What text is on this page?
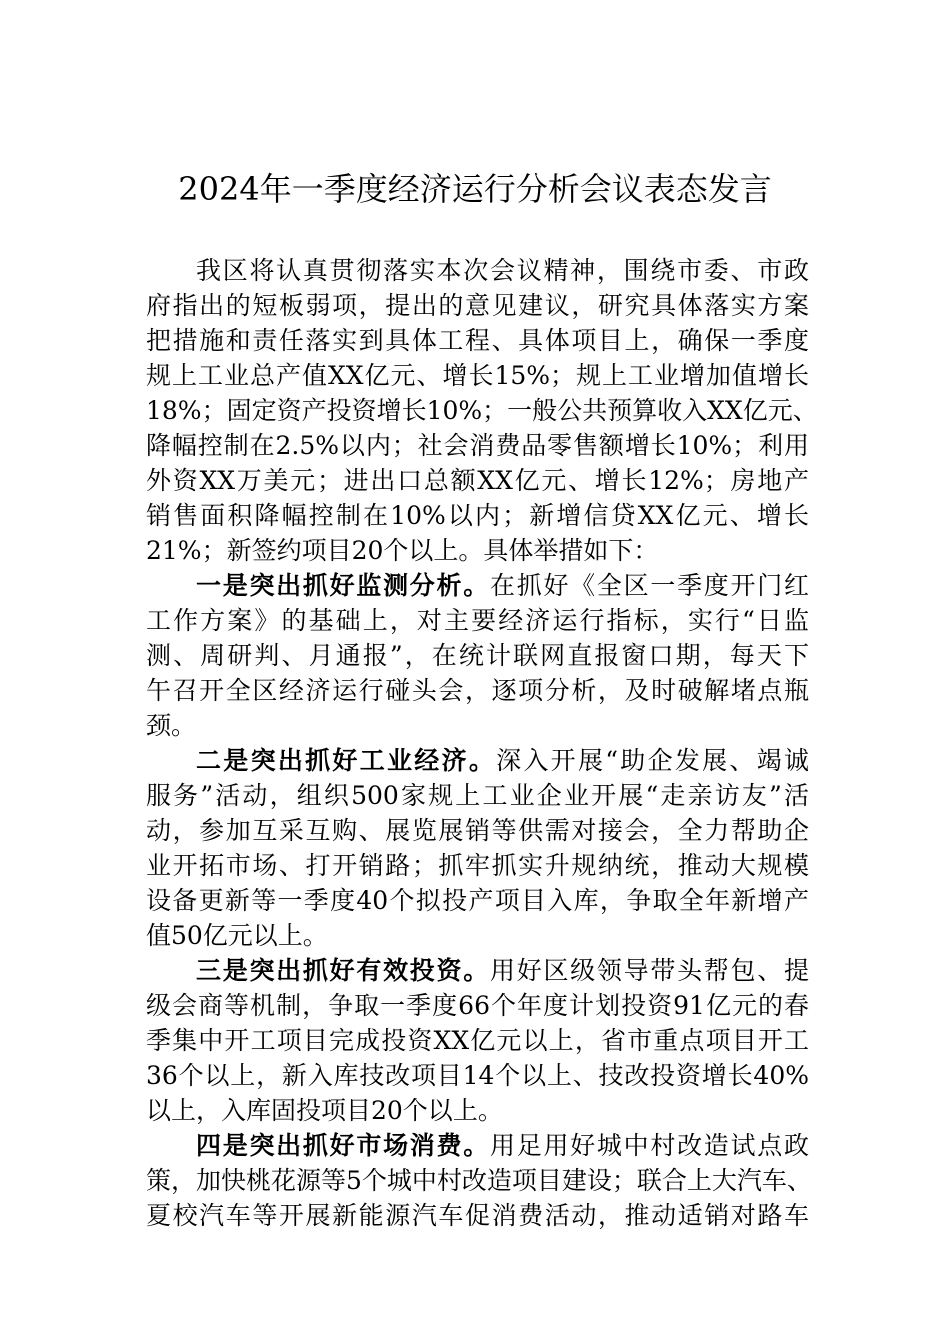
2024年一季度经济运行分析会议表态发言
我区将认真贯彻落实本次会议精神，围绕市委、市政
府指出的短板弱项，提出的意见建议，研究具体落实方案
把措施和责任落实到具体工程、具体项目上，确保一季度
规上工业总产值XX亿元、增长15%；规上工业增加值增长
18%；固定资产投资增长10%；一般公共预算收入XX亿元、
降幅控制在2.5%以内；社会消费品零售额增长10%；利用
外资XX万美元；进出口总额XX亿元、增长12%；房地产
销售面积降幅控制在10%以内；新增信贷XX亿元、增长
21%；新签约项目20个以上。具体举措如下：
一是突出抓好监测分析。在抓好《全区一季度开门红
工作方案》的基础上，对主要经济运行指标，实行“日监
测、周研判、月通报”，在统计联网直报窗口期，每天下
午召开全区经济运行碰头会，逐项分析，及时破解堵点瓶
颈。
二是突出抓好工业经济。深入开展“助企发展、竭诚
服务”活动，组织500家规上工业企业开展“走亲访友”活
动，参加互采互购、展览展销等供需对接会，全力帮助企
业开拓市场、打开销路；抓牢抓实升规纳统，推动大规模
设备更新等一季度40个拟投产项目入库，争取全年新增产
值50亿元以上。
三是突出抓好有效投资。用好区级领导带头帮包、提
级会商等机制，争取一季度66个年度计划投资91亿元的春
季集中开工项目完成投资XX亿元以上，省市重点项目开工
36个以上，新入库技改项目14个以上、技改投资增长40%
以上，入库固投项目20个以上。
四是突出抓好市场消费。用足用好城中村改造试点政
策，加快桃花源等5个城中村改造项目建设；联合上大汽车、
夏校汽车等开展新能源汽车促消费活动，推动适销对路车
